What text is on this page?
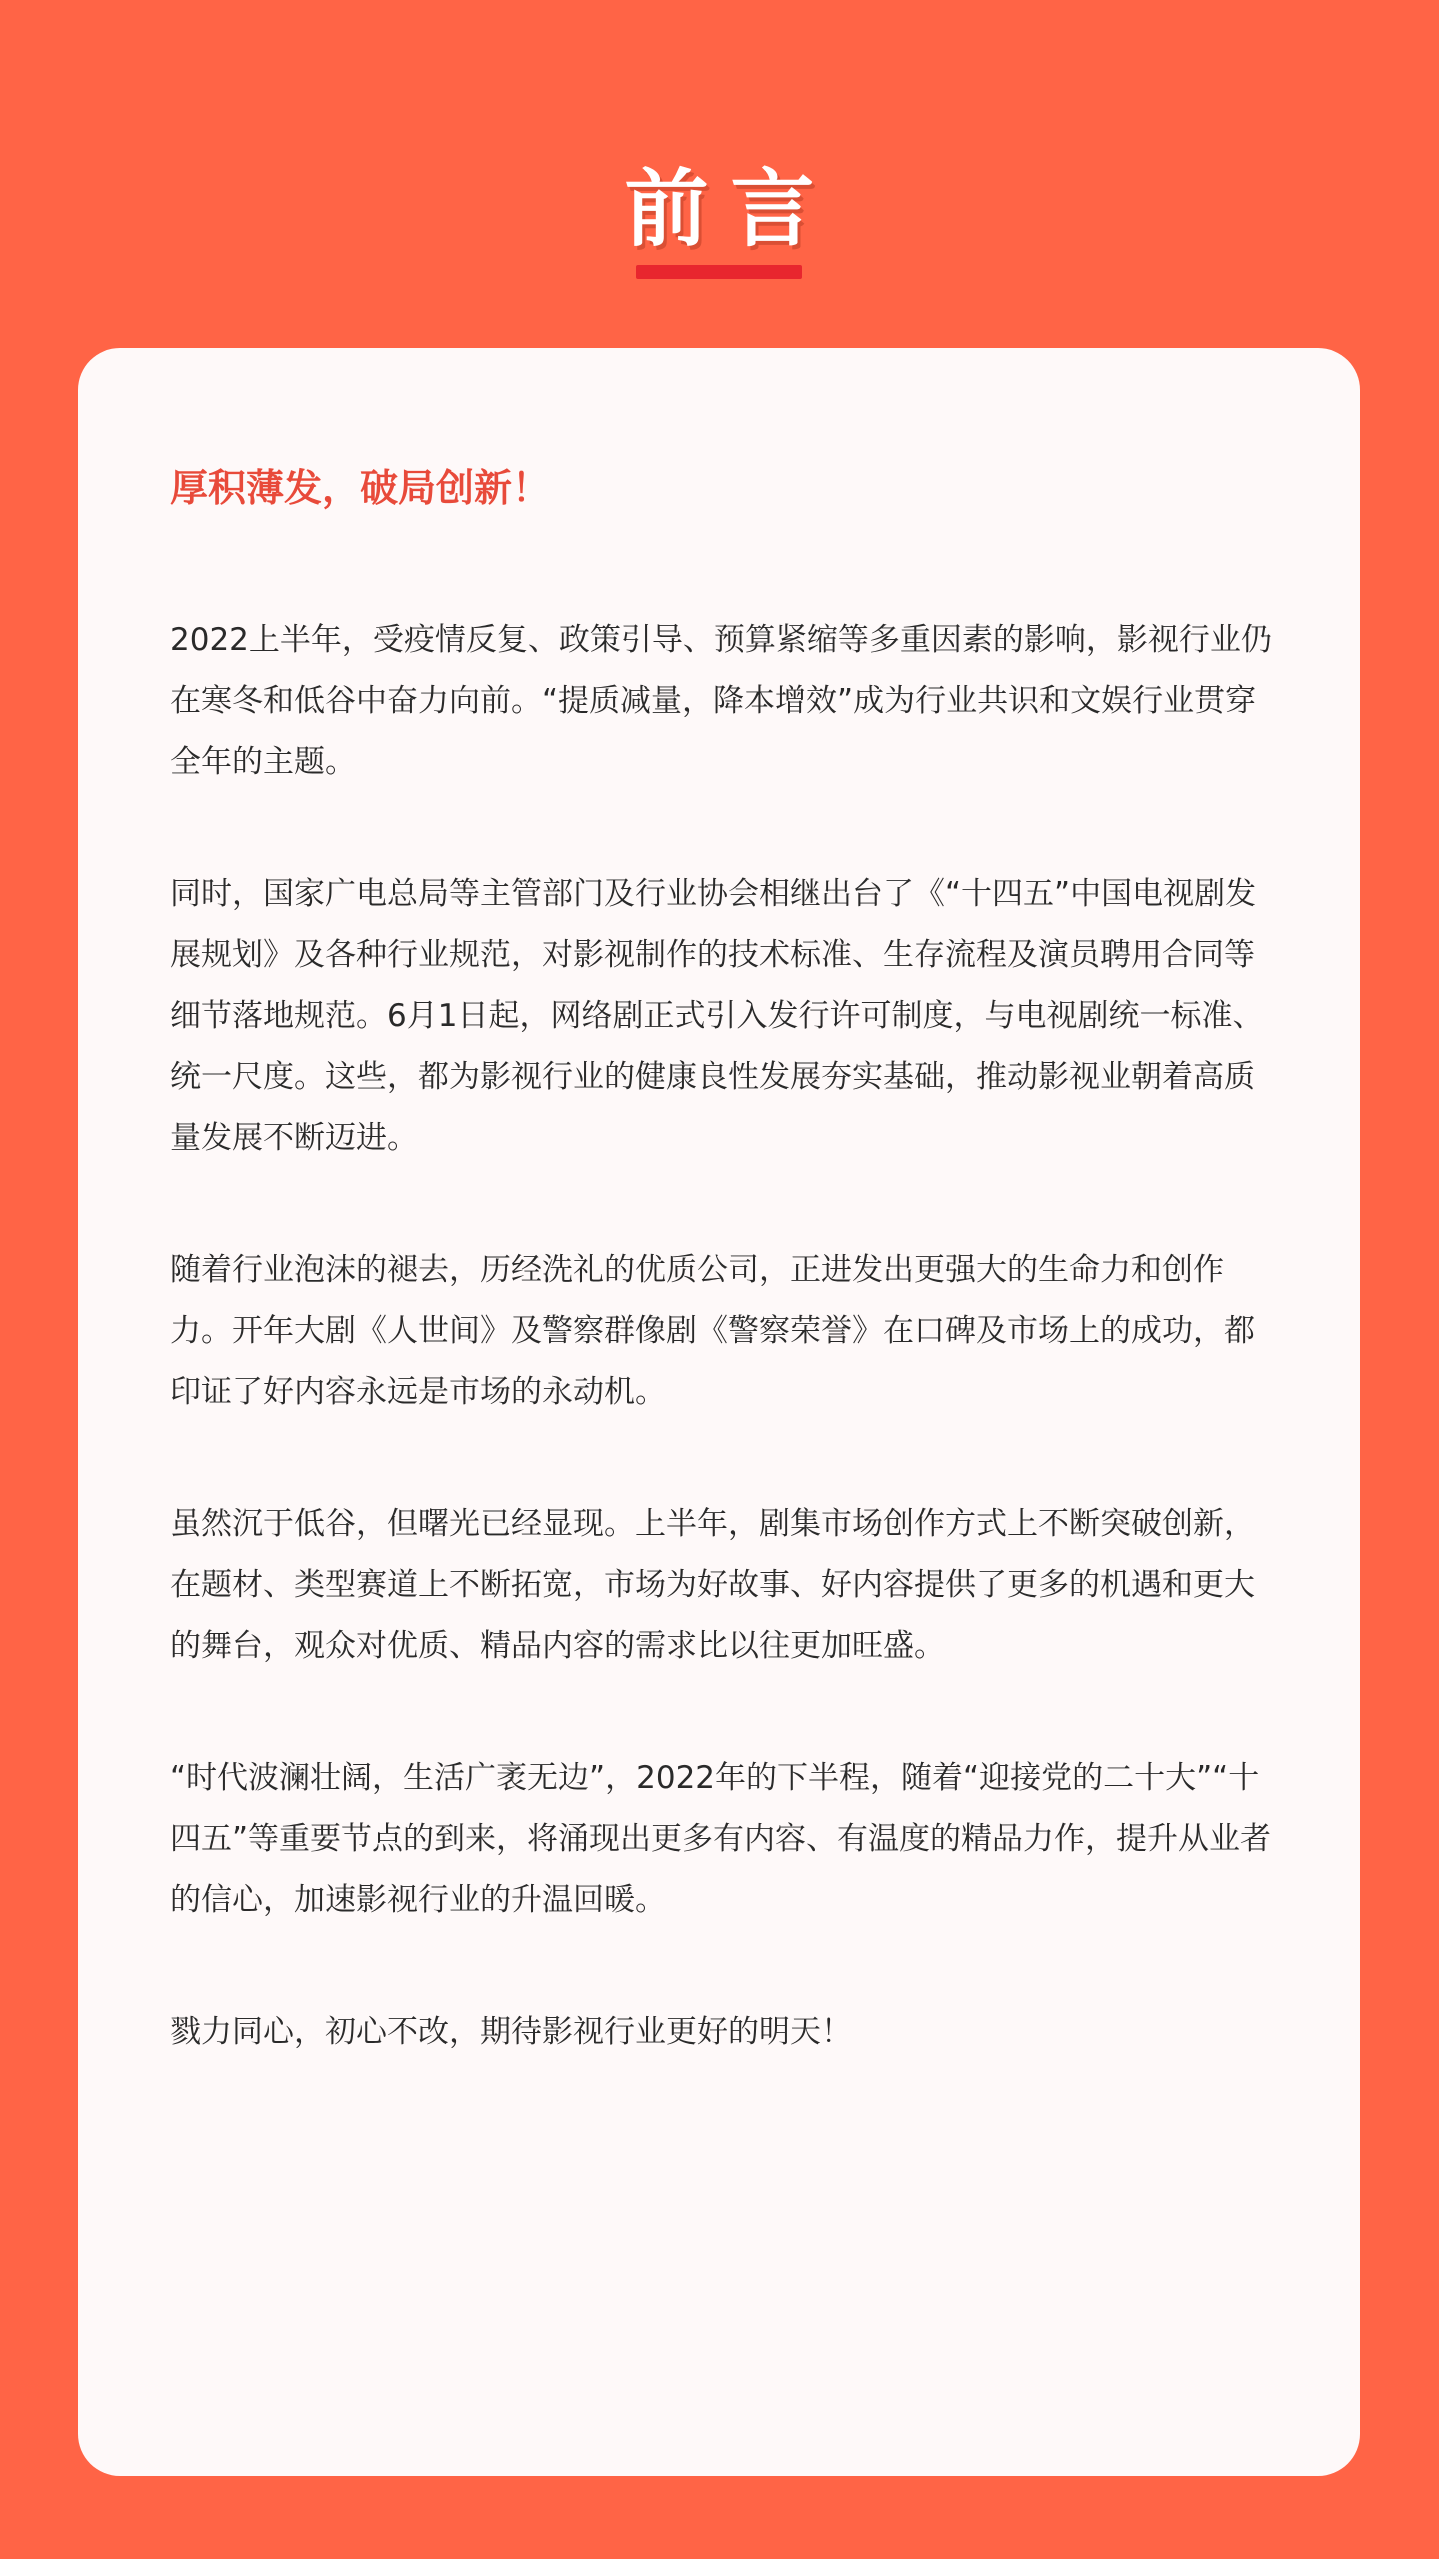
前言
厚积薄发，破局创新！

2022上半年，受疫情反复、政策引导、预算紧缩等多重因素的影响，影视行业仍在寒冬和低谷中奋力向前。“提质减量，降本增效”成为行业共识和文娱行业贯穿全年的主题。

同时，国家广电总局等主管部门及行业协会相继出台了《“十四五”中国电视剧发展规划》及各种行业规范，对影视制作的技术标准、生存流程及演员聘用合同等细节落地规范。6月1日起，网络剧正式引入发行许可制度，与电视剧统一标准、统一尺度。这些，都为影视行业的健康良性发展夯实基础，推动影视业朝着高质量发展不断迈进。

随着行业泡沫的褪去，历经洗礼的优质公司，正进发出更强大的生命力和创作力。开年大剧《人世间》及警察群像剧《警察荣誉》在口碑及市场上的成功，都印证了好内容永远是市场的永动机。

虽然沉于低谷，但曙光已经显现。上半年，剧集市场创作方式上不断突破创新，在题材、类型赛道上不断拓宽，市场为好故事、好内容提供了更多的机遇和更大的舞台，观众对优质、精品内容的需求比以往更加旺盛。

“时代波澜壮阔，生活广袤无边”，2022年的下半程，随着“迎接党的二十大”“十四五”等重要节点的到来，将涌现出更多有内容、有温度的精品力作，提升从业者的信心，加速影视行业的升温回暖。

戮力同心，初心不改，期待影视行业更好的明天！
